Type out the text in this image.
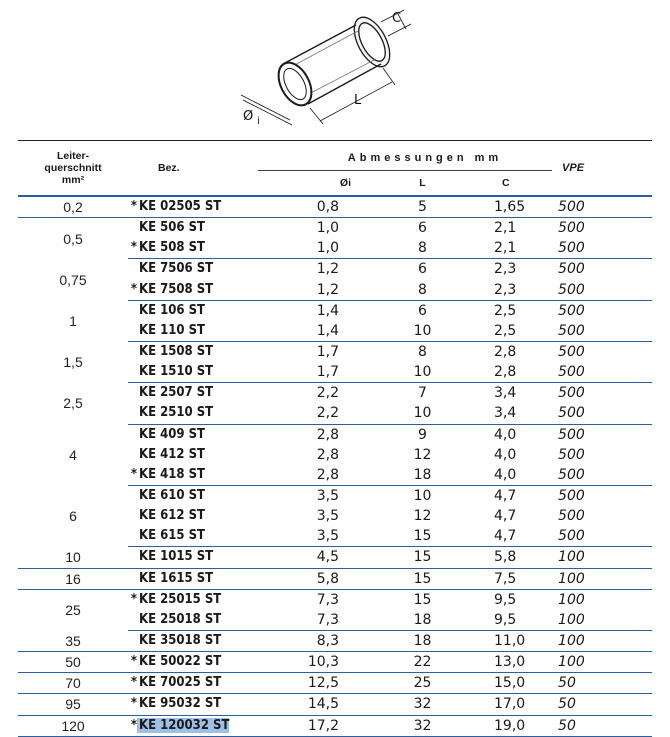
C
L
Ø i
Leiter-
querschnitt
mm²	Bez.	Abmessungen mm			VPE
		Øi	L	C	
0,2	* KE 02505 ST	0,8	5	1,65	500
0,5	KE 506 ST	1,0	6	2,1	500
	* KE 508 ST	1,0	8	2,1	500
0,75	KE 7506 ST	1,2	6	2,3	500
	* KE 7508 ST	1,2	8	2,3	500
1	KE 106 ST	1,4	6	2,5	500
	KE 110 ST	1,4	10	2,5	500
1,5	KE 1508 ST	1,7	8	2,8	500
	KE 1510 ST	1,7	10	2,8	500
2,5	KE 2507 ST	2,2	7	3,4	500
	KE 2510 ST	2,2	10	3,4	500
4	KE 409 ST	2,8	9	4,0	500
	KE 412 ST	2,8	12	4,0	500
	* KE 418 ST	2,8	18	4,0	500
6	KE 610 ST	3,5	10	4,7	500
	KE 612 ST	3,5	12	4,7	500
	KE 615 ST	3,5	15	4,7	500
10	KE 1015 ST	4,5	15	5,8	100
16	KE 1615 ST	5,8	15	7,5	100
25	* KE 25015 ST	7,3	15	9,5	100
	KE 25018 ST	7,3	18	9,5	100
35	KE 35018 ST	8,3	18	11,0	100
50	* KE 50022 ST	10,3	22	13,0	100
70	* KE 70025 ST	12,5	25	15,0	50
95	* KE 95032 ST	14,5	32	17,0	50
120	* KE 120032 ST	17,2	32	19,0	50
